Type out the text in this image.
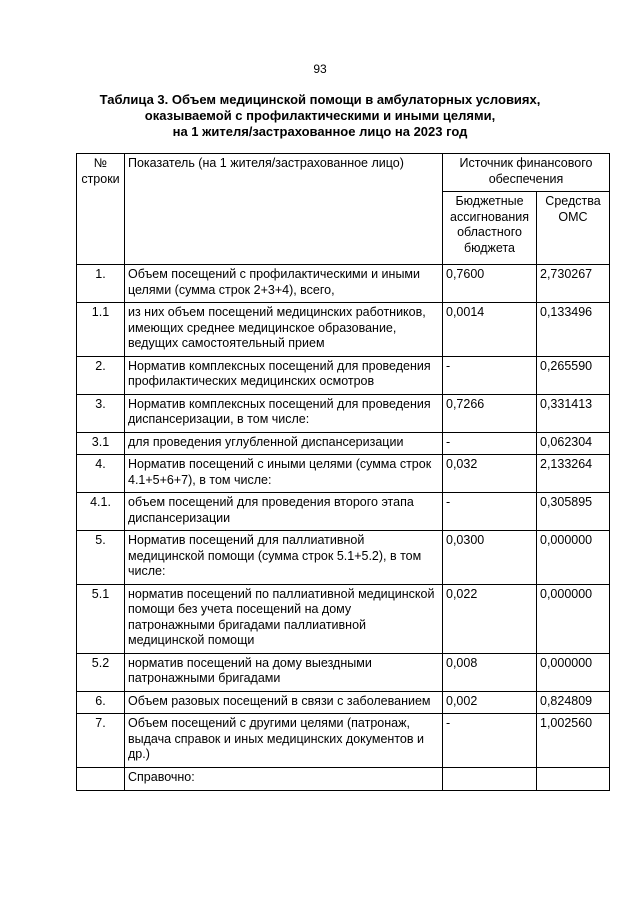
93
Таблица 3. Объем медицинской помощи в амбулаторных условиях,
оказываемой с профилактическими и иными целями,
на 1 жителя/застрахованное лицо на 2023 год
№ строки	Показатель (на 1 жителя/застрахованное лицо)	Источник финансового обеспечения	
		Бюджетные ассигнования областного бюджета	Средства ОМС
1.	Объем посещений с профилактическими и иными целями (сумма строк 2+3+4), всего,	0,7600	2,730267
1.1	из них объем посещений медицинских работников, имеющих среднее медицинское образование, ведущих самостоятельный прием	0,0014	0,133496
2.	Норматив комплексных посещений для проведения профилактических медицинских осмотров	-	0,265590
3.	Норматив комплексных посещений для проведения диспансеризации, в том числе:	0,7266	0,331413
3.1	для проведения углубленной диспансеризации	-	0,062304
4.	Норматив посещений с иными целями (сумма строк 4.1+5+6+7), в том числе:	0,032	2,133264
4.1.	объем посещений для проведения второго этапа диспансеризации	-	0,305895
5.	Норматив посещений для паллиативной медицинской помощи (сумма строк 5.1+5.2), в том числе:	0,0300	0,000000
5.1	норматив посещений по паллиативной медицинской помощи без учета посещений на дому патронажными бригадами паллиативной медицинской помощи	0,022	0,000000
5.2	норматив посещений на дому выездными патронажными бригадами	0,008	0,000000
6.	Объем разовых посещений в связи с заболеванием	0,002	0,824809
7.	Объем посещений с другими целями (патронаж, выдача справок и иных медицинских документов и др.)	-	1,002560
	Справочно:		
